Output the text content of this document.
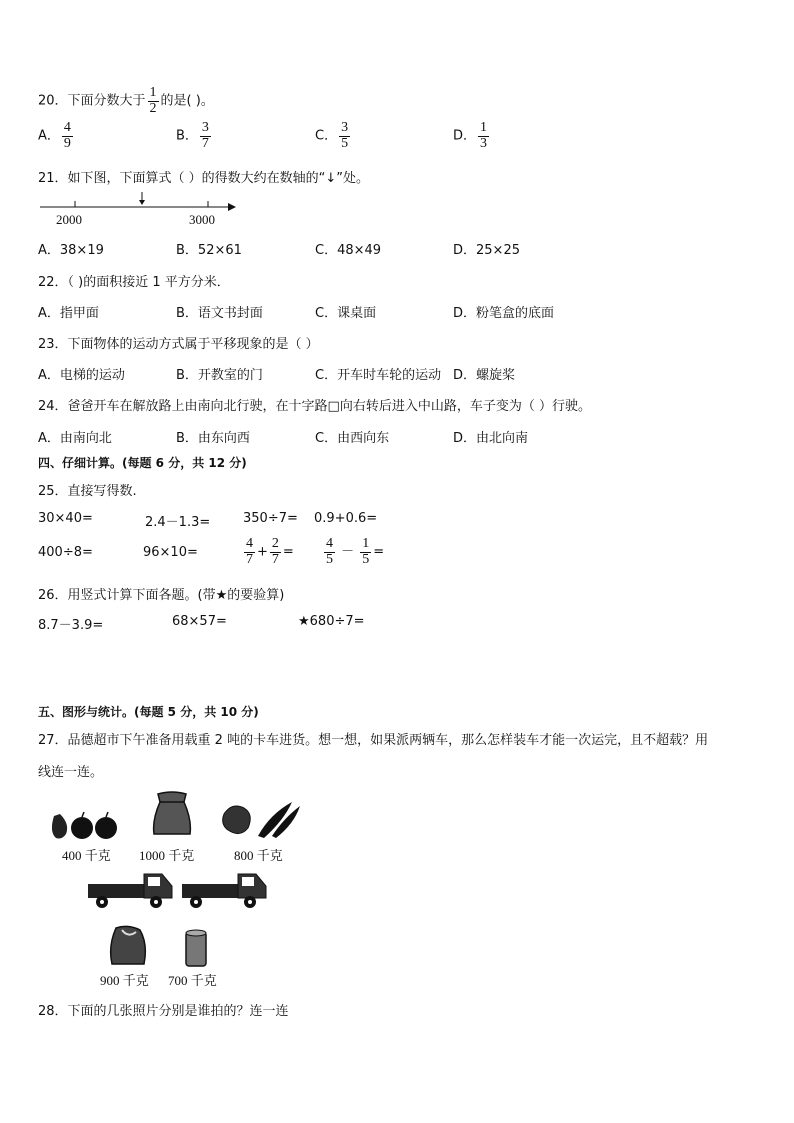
20．下面分数大于 $\frac{1}{2}$ 的是( )。
A． $\frac{4}{9}$	B． $\frac{3}{7}$	C． $\frac{3}{5}$	D． $\frac{1}{3}$
21．如下图，下面算式（ ）的得数大约在数轴的“↓”处。
2000	3000
A．38×19	B．52×61	C．48×49	D．25×25
22．（ )的面积接近 1 平方分米．
A．指甲面	B．语文书封面	C．课桌面	D．粉笔盒的底面
23．下面物体的运动方式属于平移现象的是（ ）
A．电梯的运动	B．开教室的门	C．开车时车轮的运动 D．螺旋桨
24．爸爸开车在解放路上由南向北行驶，在十字路□向右转后进入中山路，车子变为（ ）行驶。
A．由南向北	B．由东向西	C．由西向东	D．由北向南
四、仔细计算。(每题 6 分，共 12 分)
25．直接写得数.
30×40=	2.4－1.3=	350÷7= 0.9+0.6=
400÷8=	96×10=	$\frac{4}{7} + \frac{2}{7} = \frac{4}{5} - \frac{1}{5}$ =
26．用竖式计算下面各题。(带★的要验算)
8.7－3.9=	68×57=	★680÷7=
五、图形与统计。(每题 5 分，共 10 分)
27．品德超市下午准备用载重 2 吨的卡车进货。想一想，如果派两辆车，那么怎样装车才能一次运完，且不超载？用
线连一连。
400 千克 1000 千克	800 千克
900 千克 700 千克
28．下面的几张照片分别是谁拍的？连一连
